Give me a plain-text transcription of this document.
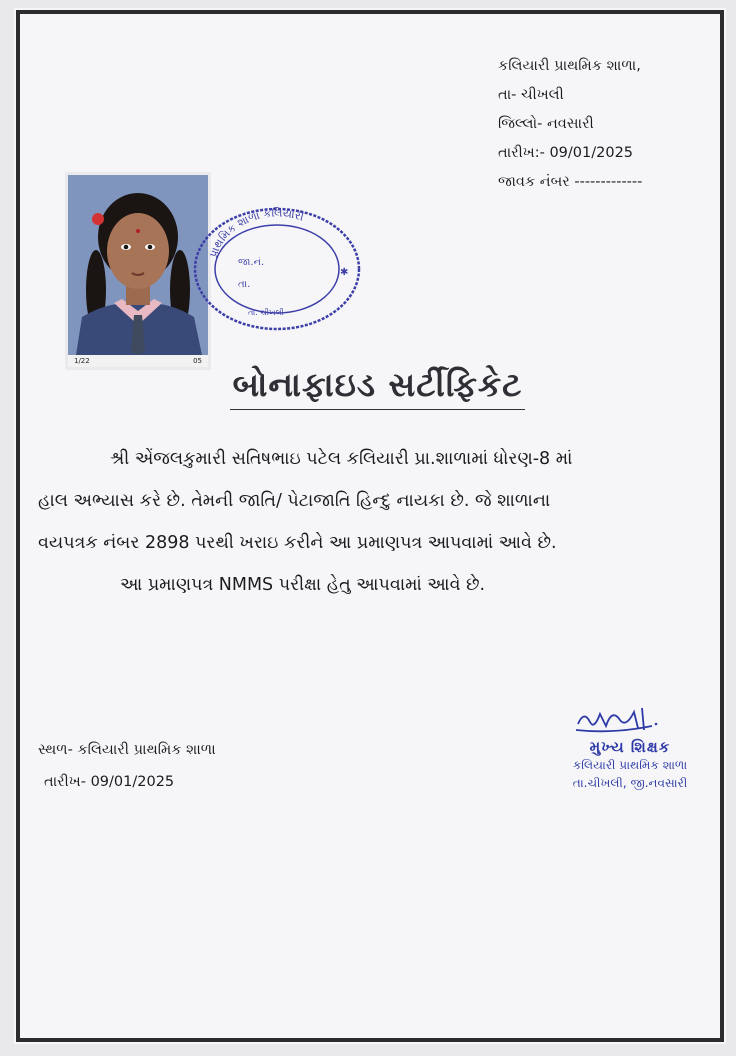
કલિયારી પ્રાથમિક શાળા,
તા- ચીખલી
જિલ્લો- નવસારી
તારીખ:- 09/01/2025
જાવક નંબર -------------
1/22	05
પ્રાથમિક શાળા કલિયારી
જા.નં.
તા.
તા. ચીખલી
✱
બોનાફાઇડ સર્ટીફિકેટ

શ્રી એંજલકુમારી સતિષભાઇ પટેલ કલિયારી પ્રા.શાળામાં ધોરણ-8 માં

હાલ અભ્યાસ કરે છે. તેમની જાતિ/ પેટાજાતિ હિન્દુ નાયકા છે. જે શાળાના

વયપત્રક નંબર 2898 પરથી ખરાઇ કરીને આ પ્રમાણપત્ર આપવામાં આવે છે.

આ પ્રમાણપત્ર NMMS પરીક્ષા હેતુ આપવામાં આવે છે.

સ્થળ- કલિયારી પ્રાથમિક શાળા
તારીખ- 09/01/2025
મુખ્ય શિક્ષક
કલિયારી પ્રાથમિક શાળા
તા.ચીખલી, જી.નવસારી
